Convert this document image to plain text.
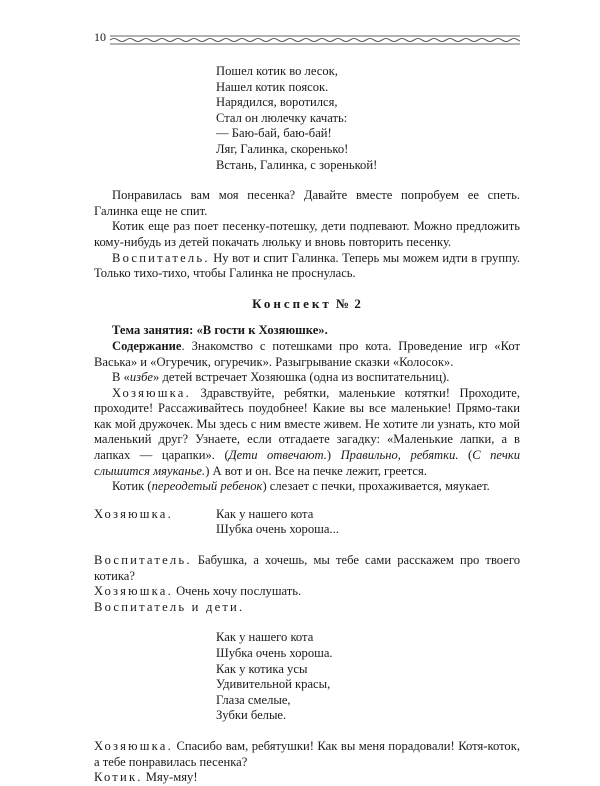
10
Пошел котик во лесок,
Нашел котик поясок.
Нарядился, воротился,
Стал он люлечку качать:
— Баю-бай, баю-бай!
Ляг, Галинка, скоренько!
Встань, Галинка, с зоренькой!

Понравилась вам моя песенка? Давайте вместе попробуем ее спеть. Галинка еще не спит.

Котик еще раз поет песенку-потешку, дети подпевают. Можно предложить кому-нибудь из детей покачать люльку и вновь повторить песенку.

Воспитатель. Ну вот и спит Галинка. Теперь мы можем идти в группу. Только тихо-тихо, чтобы Галинка не проснулась.

Конспект № 2

Тема занятия: «В гости к Хозяюшке».

Содержание. Знакомство с потешками про кота. Проведение игр «Кот Васька» и «Огуречик, огуречик». Разыгрывание сказки «Колосок».

В «избе» детей встречает Хозяюшка (одна из воспитательниц).

Хозяюшка. Здравствуйте, ребятки, маленькие котятки! Проходите, проходите! Рассаживайтесь поудобнее! Какие вы все маленькие! Прямо-таки как мой дружочек. Мы здесь с ним вместе живем. Не хотите ли узнать, кто мой маленький друг? Узнаете, если отгадаете загадку: «Маленькие лапки, а в лапках — царапки». (Дети отвечают.) Правильно, ребятки. (С печки слышится мяуканье.) А вот и он. Все на печке лежит, греется.

Котик (переодетый ребенок) слезает с печки, прохаживается, мяукает.

Хозяюшка.	Как у нашего кота
Шубка очень хороша...

Воспитатель. Бабушка, а хочешь, мы тебе сами расскажем про твоего котика?

Хозяюшка. Очень хочу послушать.

Воспитатель и дети.

Как у нашего кота
Шубка очень хороша.
Как у котика усы
Удивительной красы,
Глаза смелые,
Зубки белые.

Хозяюшка. Спасибо вам, ребятушки! Как вы меня порадовали! Котя-коток, а тебе понравилась песенка?

Котик. Мяу-мяу!
